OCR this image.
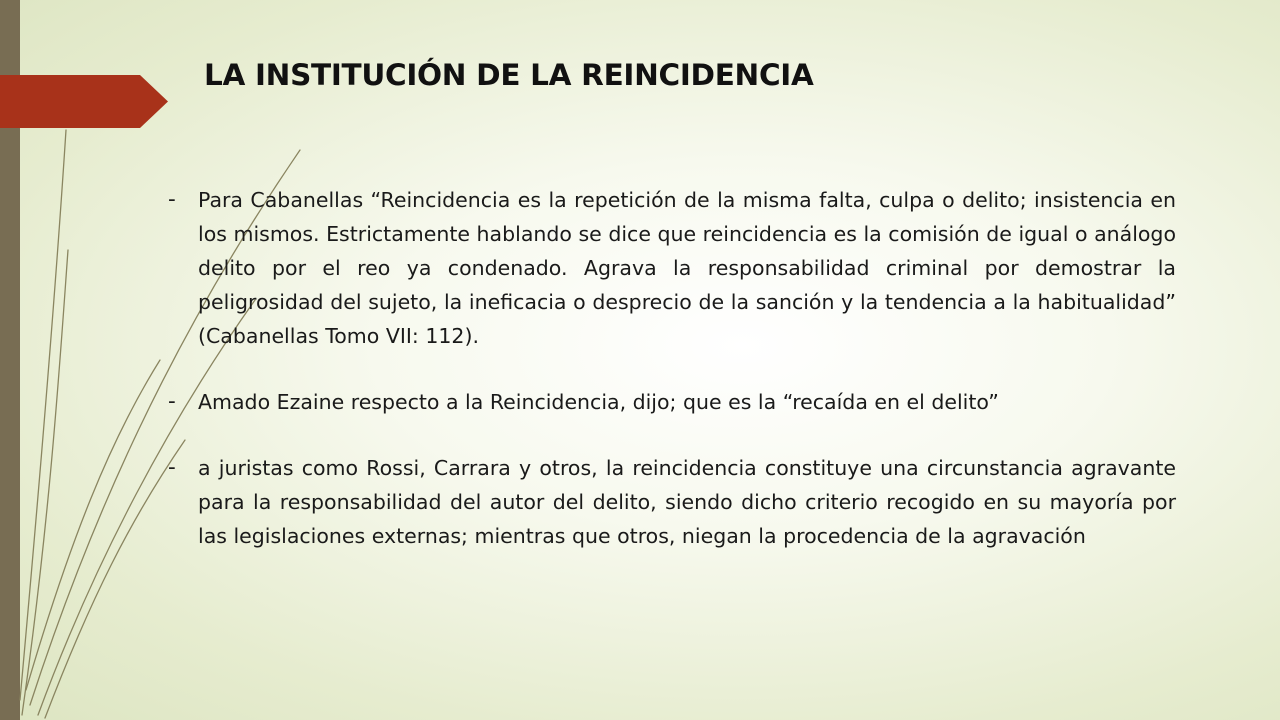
LA INSTITUCIÓN DE LA REINCIDENCIA
- Para Cabanellas “Reincidencia es la repetición de la misma falta, culpa o delito; insistencia en los mismos. Estrictamente hablando se dice que reincidencia es la comisión de igual o análogo delito por el reo ya condenado. Agrava la responsabilidad criminal por demostrar la peligrosidad del sujeto, la ineficacia o desprecio de la sanción y la tendencia a la habitualidad” (Cabanellas Tomo VII: 112).
- Amado Ezaine respecto a la Reincidencia, dijo; que es la “recaída en el delito”
- a juristas como Rossi, Carrara y otros, la reincidencia constituye una circunstancia agravante para la responsabilidad del autor del delito, siendo dicho criterio recogido en su mayoría por las legislaciones externas; mientras que otros, niegan la procedencia de la agravación
